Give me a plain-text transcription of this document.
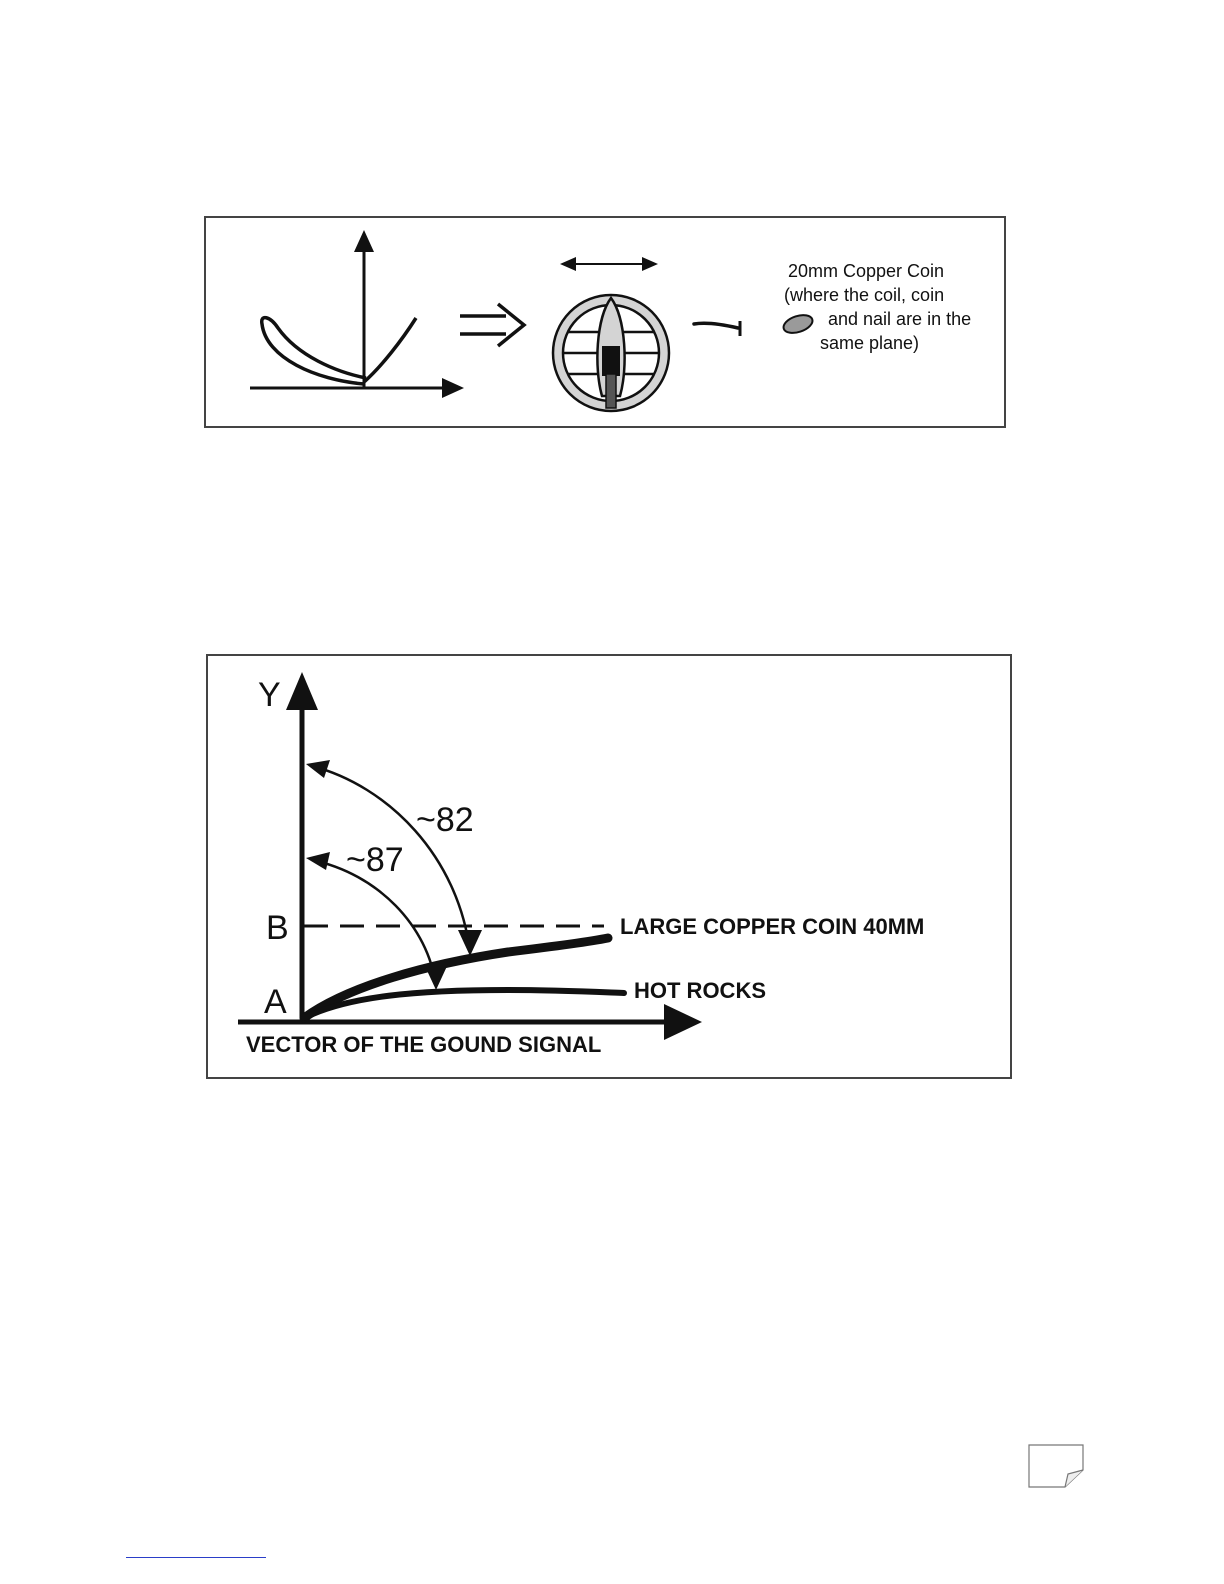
20mm Copper Coin
(where the coil, coin
and nail are in the
same plane)
Y
B
A
~82
~87
LARGE COPPER COIN 40MM
HOT ROCKS
VECTOR OF THE GOUND SIGNAL
